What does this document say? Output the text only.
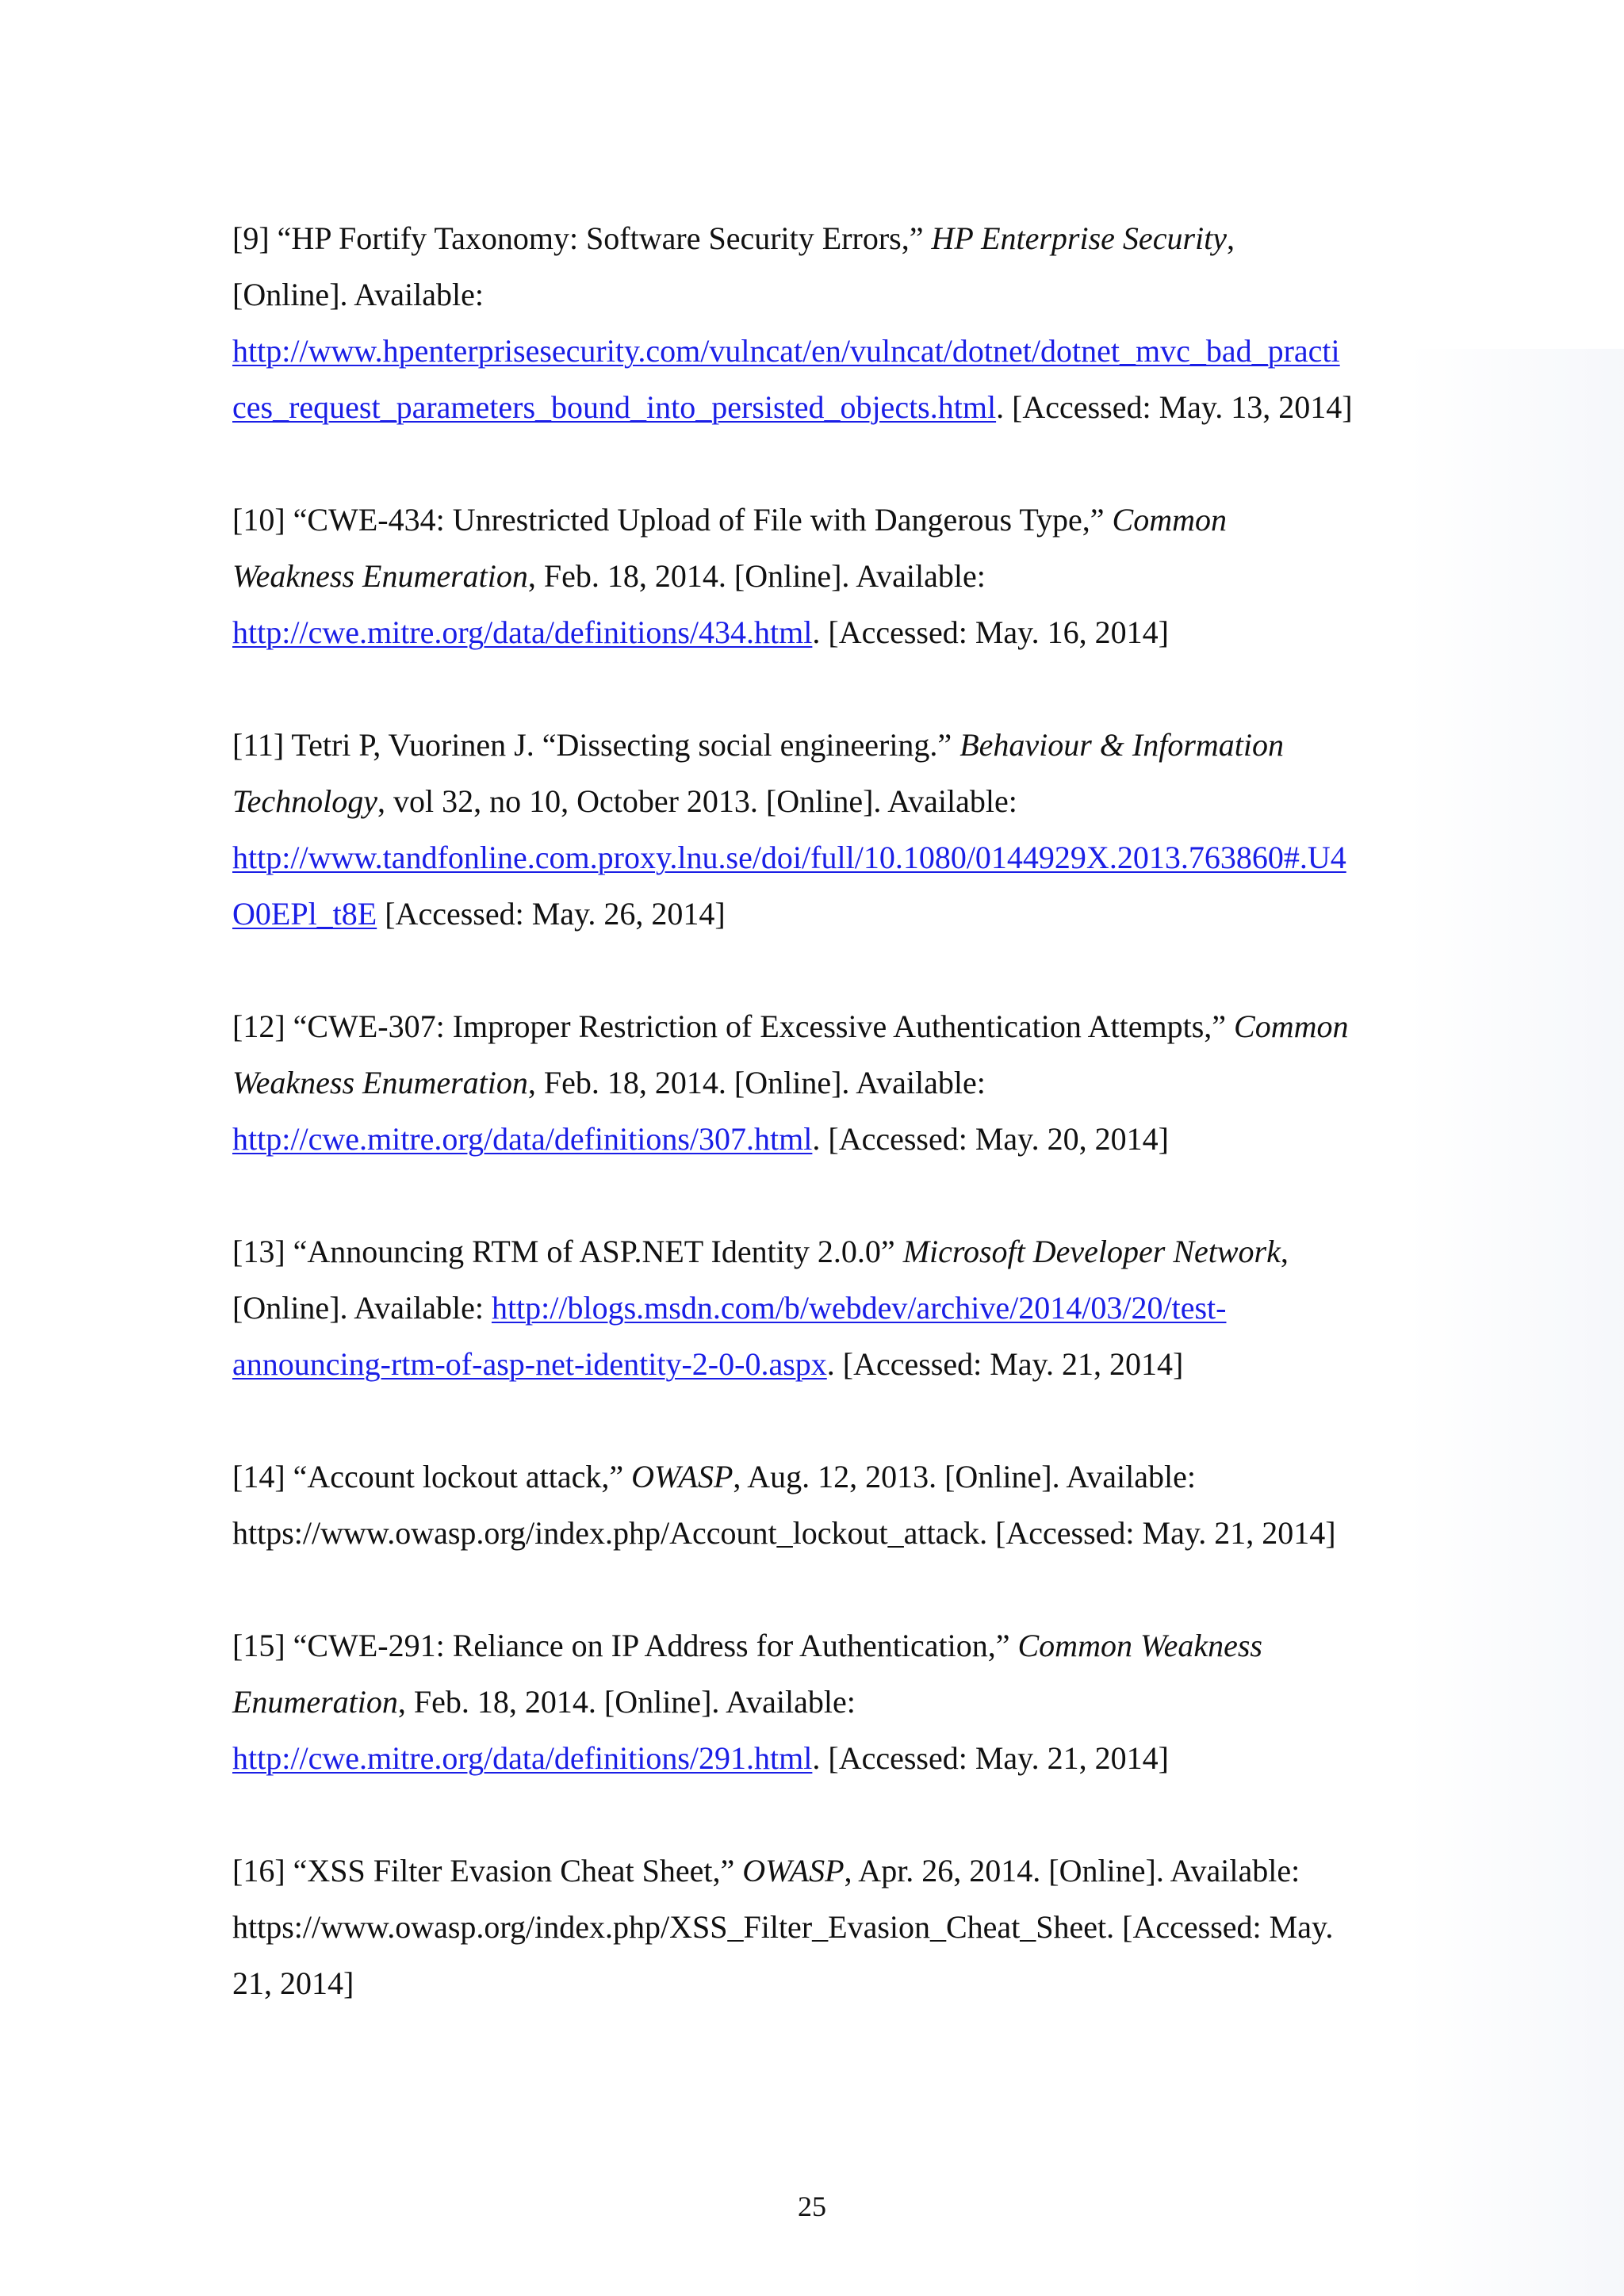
[9] “HP Fortify Taxonomy: Software Security Errors,” HP Enterprise Security,
[Online]. Available:
http://www.hpenterprisesecurity.com/vulncat/en/vulncat/dotnet/dotnet_mvc_bad_practi
ces_request_parameters_bound_into_persisted_objects.html. [Accessed: May. 13, 2014]

[10] “CWE-434: Unrestricted Upload of File with Dangerous Type,” Common
Weakness Enumeration, Feb. 18, 2014. [Online]. Available:
http://cwe.mitre.org/data/definitions/434.html. [Accessed: May. 16, 2014]

[11] Tetri P, Vuorinen J. “Dissecting social engineering.” Behaviour & Information
Technology, vol 32, no 10, October 2013. [Online]. Available:
http://www.tandfonline.com.proxy.lnu.se/doi/full/10.1080/0144929X.2013.763860#.U4
O0EPl_t8E [Accessed: May. 26, 2014]

[12] “CWE-307: Improper Restriction of Excessive Authentication Attempts,” Common
Weakness Enumeration, Feb. 18, 2014. [Online]. Available:
http://cwe.mitre.org/data/definitions/307.html. [Accessed: May. 20, 2014]

[13] “Announcing RTM of ASP.NET Identity 2.0.0” Microsoft Developer Network,
[Online]. Available: http://blogs.msdn.com/b/webdev/archive/2014/03/20/test-
announcing-rtm-of-asp-net-identity-2-0-0.aspx. [Accessed: May. 21, 2014]

[14] “Account lockout attack,” OWASP, Aug. 12, 2013. [Online]. Available:
https://www.owasp.org/index.php/Account_lockout_attack. [Accessed: May. 21, 2014]

[15] “CWE-291: Reliance on IP Address for Authentication,” Common Weakness
Enumeration, Feb. 18, 2014. [Online]. Available:
http://cwe.mitre.org/data/definitions/291.html. [Accessed: May. 21, 2014]

[16] “XSS Filter Evasion Cheat Sheet,” OWASP, Apr. 26, 2014. [Online]. Available:
https://www.owasp.org/index.php/XSS_Filter_Evasion_Cheat_Sheet. [Accessed: May.
21, 2014]

25
